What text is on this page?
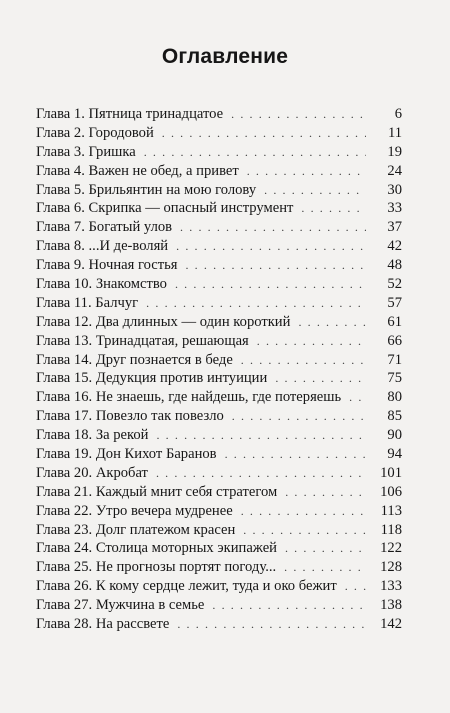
Оглавление
Глава 1. Пятница тринадцатое . . .	6
Глава 2. Городовой . . .	11
Глава 3. Гришка . . .	19
Глава 4. Важен не обед, а привет . . .	24
Глава 5. Брильянтин на мою голову . . .	30
Глава 6. Скрипка — опасный инструмент . . .	33
Глава 7. Богатый улов . . .	37
Глава 8. ...И де-воляй . . .	42
Глава 9. Ночная гостья . . .	48
Глава 10. Знакомство . . .	52
Глава 11. Балчуг . . .	57
Глава 12. Два длинных — один короткий . . .	61
Глава 13. Тринадцатая, решающая . . .	66
Глава 14. Друг познается в беде . . .	71
Глава 15. Дедукция против интуиции . . .	75
Глава 16. Не знаешь, где найдешь, где потеряешь . . .	80
Глава 17. Повезло так повезло . . .	85
Глава 18. За рекой . . .	90
Глава 19. Дон Кихот Баранов . . .	94
Глава 20. Акробат . . .	101
Глава 21. Каждый мнит себя стратегом . . .	106
Глава 22. Утро вечера мудренее . . .	113
Глава 23. Долг платежом красен . . .	118
Глава 24. Столица моторных экипажей . . .	122
Глава 25. Не прогнозы портят погоду... . . .	128
Глава 26. К кому сердце лежит, туда и око бежит . . .	133
Глава 27. Мужчина в семье . . .	138
Глава 28. На рассвете . . .	142
